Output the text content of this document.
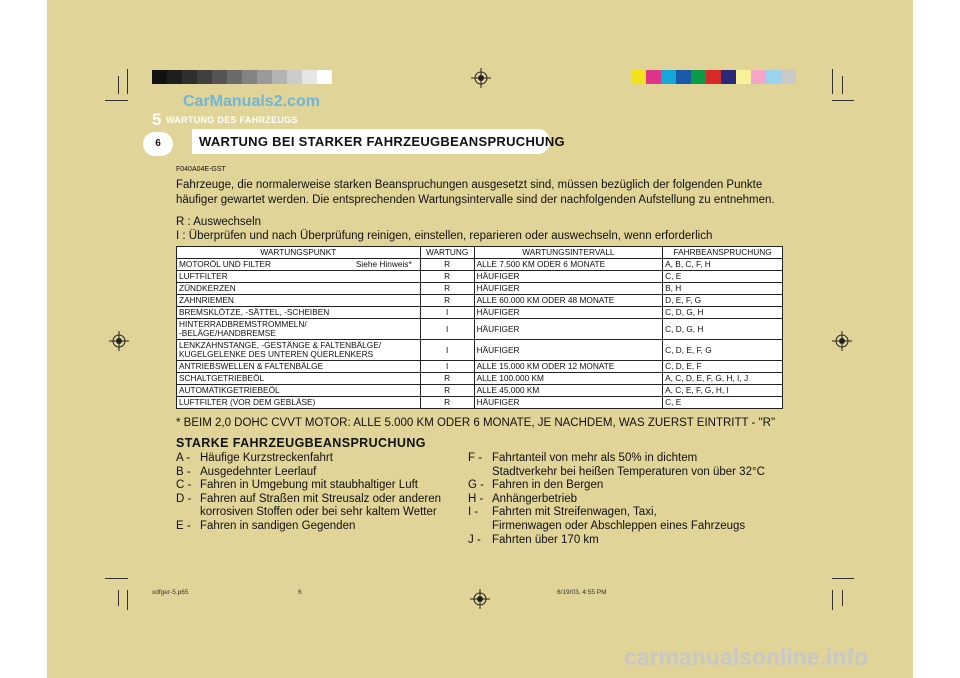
5 WARTUNG DES FAHRZEUGS
CarManuals2.com
6	WARTUNG BEI STARKER FAHRZEUGBEANSPRUCHUNG
F040A04E-GST
Fahrzeuge, die normalerweise starken Beanspruchungen ausgesetzt sind, müssen bezüglich der folgenden Punkte häufiger gewartet werden. Die entsprechenden Wartungsintervalle sind der nachfolgenden Aufstellung zu entnehmen.
R : Auswechseln
I : Überprüfen und nach Überprüfung reinigen, einstellen, reparieren oder auswechseln, wenn erforderlich
WARTUNGSPUNKT	WARTUNG	WARTUNGSINTERVALL	FAHRBEANSPRUCHUNG

MOTORÖL UND FILTER Siehe Hinweis*	R	ALLE 7.500 KM ODER 6 MONATE	A, B, C, F, H

LUFTFILTER	R	HÄUFIGER	C, E

ZÜNDKERZEN	R	HÄUFIGER	B, H

ZAHNRIEMEN	R	ALLE 60.000 KM ODER 48 MONATE	D, E, F, G

BREMSKLÖTZE, -SÄTTEL, -SCHEIBEN	I	HÄUFIGER	C, D, G, H

HINTERRADBREMSTROMMELN/
-BELÄGE/HANDBREMSE	I	HÄUFIGER	C, D, G, H

LENKZAHNSTANGE, -GESTÄNGE & FALTENBÄLGE/
KUGELGELENKE DES UNTEREN QUERLENKERS	I	HÄUFIGER	C, D, E, F, G

ANTRIEBSWELLEN & FALTENBÄLGE	I	ALLE 15.000 KM ODER 12 MONATE	C, D, E, F

SCHALTGETRIEBEÖL	R	ALLE 100.000 KM	A, C, D, E, F, G, H, I, J

AUTOMATIKGETRIEBEÖL	R	ALLE 45.000 KM	A, C, E, F, G, H, I

LUFTFILTER (VOR DEM GEBLÄSE)	R	HÄUFIGER	C, E
* BEIM 2,0 DOHC CVVT MOTOR: ALLE 5.000 KM ODER 6 MONATE, JE NACHDEM, WAS ZUERST EINTRITT - "R"
STARKE FAHRZEUGBEANSPRUCHUNG
A - Häufige Kurzstreckenfahrt
B - Ausgedehnter Leerlauf
C - Fahren in Umgebung mit staubhaltiger Luft
D - Fahren auf Straßen mit Streusalz oder anderen
korrosiven Stoffen oder bei sehr kaltem Wetter
E - Fahren in sandigen Gegenden
F - Fahrtanteil von mehr als 50% in dichtem
Stadtverkehr bei heißen Temperaturen von über 32°C
G - Fahren in den Bergen
H - Anhängerbetrieb
I -	Fahrten mit Streifenwagen, Taxi,
Firmenwagen oder Abschleppen eines Fahrzeugs
J - Fahrten über 170 km
xdfger-5.p65	6	6/19/03, 4:55 PM
carmanualsonline.info
